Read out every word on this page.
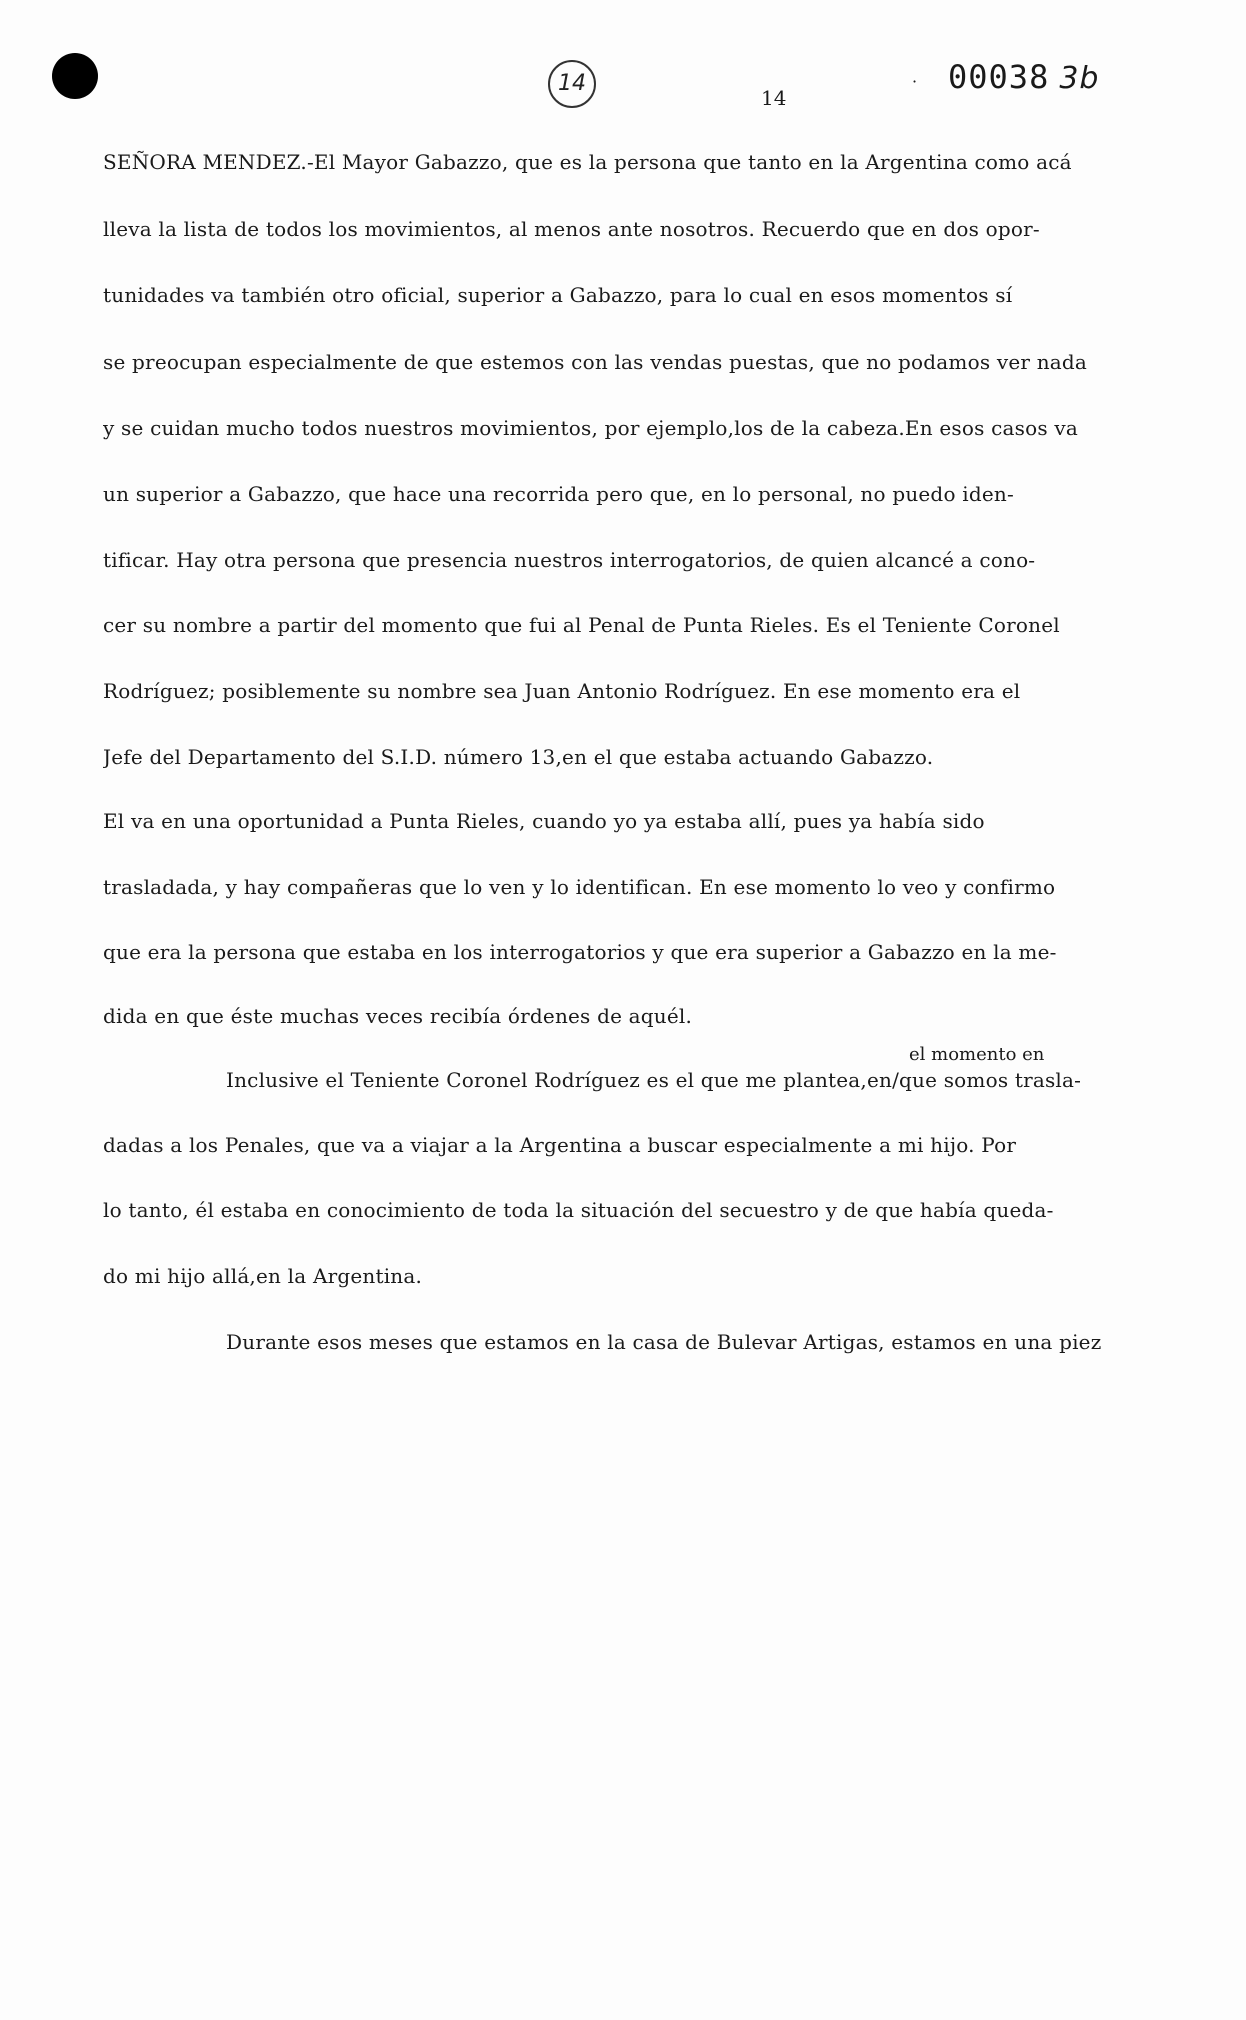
14
14
· 00038 3b
SEÑORA MENDEZ.-El Mayor Gabazzo, que es la persona que tanto en la Argentina como acá
lleva la lista de todos los movimientos, al menos ante nosotros. Recuerdo que en dos opor-
tunidades va también otro oficial, superior a Gabazzo, para lo cual en esos momentos sí
se preocupan especialmente de que estemos con las vendas puestas, que no podamos ver nada
y se cuidan mucho todos nuestros movimientos, por ejemplo,los de la cabeza.En esos casos va
un superior a Gabazzo, que hace una recorrida pero que, en lo personal, no puedo iden-
tificar. Hay otra persona que presencia nuestros interrogatorios, de quien alcancé a cono-
cer su nombre a partir del momento que fui al Penal de Punta Rieles. Es el Teniente Coronel
Rodríguez; posiblemente su nombre sea Juan Antonio Rodríguez. En ese momento era el
Jefe del Departamento del S.I.D. número 13,en el que estaba actuando Gabazzo.
El va en una oportunidad a Punta Rieles, cuando yo ya estaba allí, pues ya había sido
trasladada, y hay compañeras que lo ven y lo identifican. En ese momento lo veo y confirmo
que era la persona que estaba en los interrogatorios y que era superior a Gabazzo en la me-
dida en que éste muchas veces recibía órdenes de aquél.
el momento en
Inclusive el Teniente Coronel Rodríguez es el que me plantea,en/que somos trasla-
dadas a los Penales, que va a viajar a la Argentina a buscar especialmente a mi hijo. Por
lo tanto, él estaba en conocimiento de toda la situación del secuestro y de que había queda-
do mi hijo allá,en la Argentina.
Durante esos meses que estamos en la casa de Bulevar Artigas, estamos en una piez
